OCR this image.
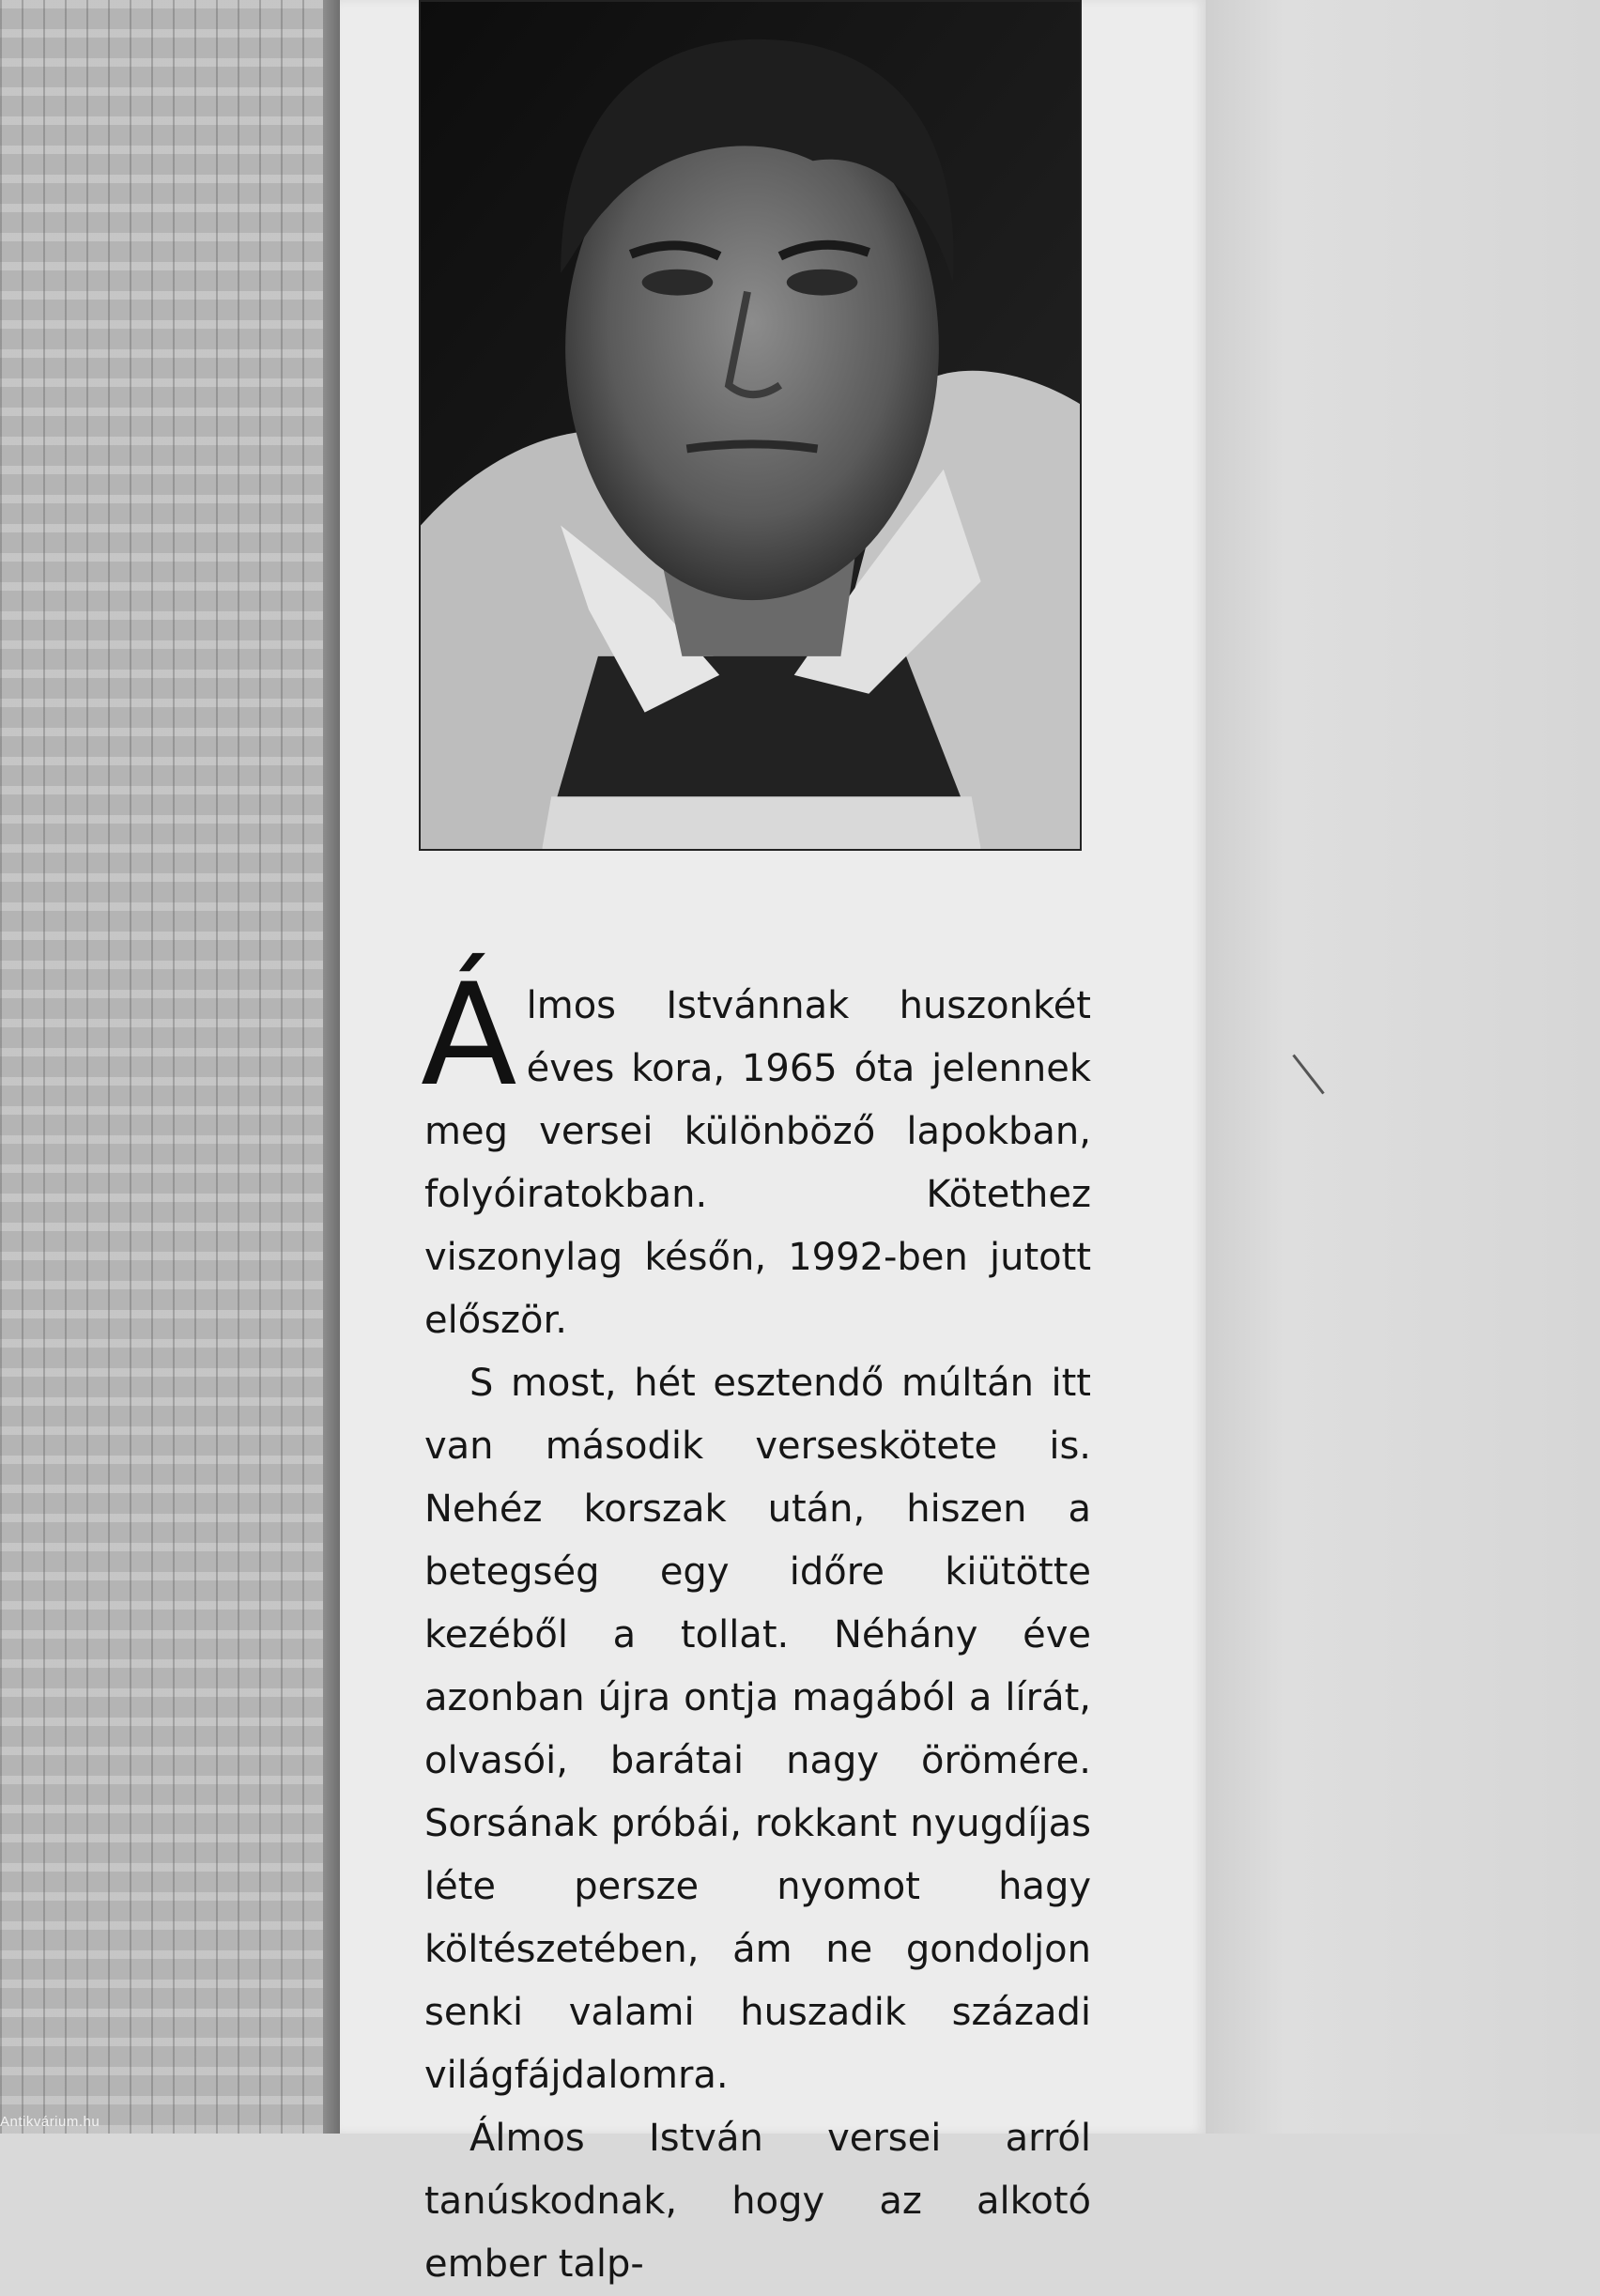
Álmos Istvánnak huszonkét éves kora, 1965 óta jelennek meg versei különböző lapokban, folyóiratokban. Kötethez viszonylag későn, 1992-ben jutott először.

S most, hét esztendő múltán itt van második verseskötete is. Nehéz korszak után, hiszen a betegség egy időre kiütötte kezéből a tollat. Néhány éve azonban újra ontja magából a lírát, olvasói, barátai nagy örömére. Sorsának próbái, rokkant nyugdíjas léte persze nyomot hagy költészetében, ám ne gondoljon senki valami huszadik századi világfájdalomra.

Álmos István versei arról tanúskodnak, hogy az alkotó ember talp-

Antikvárium.hu
